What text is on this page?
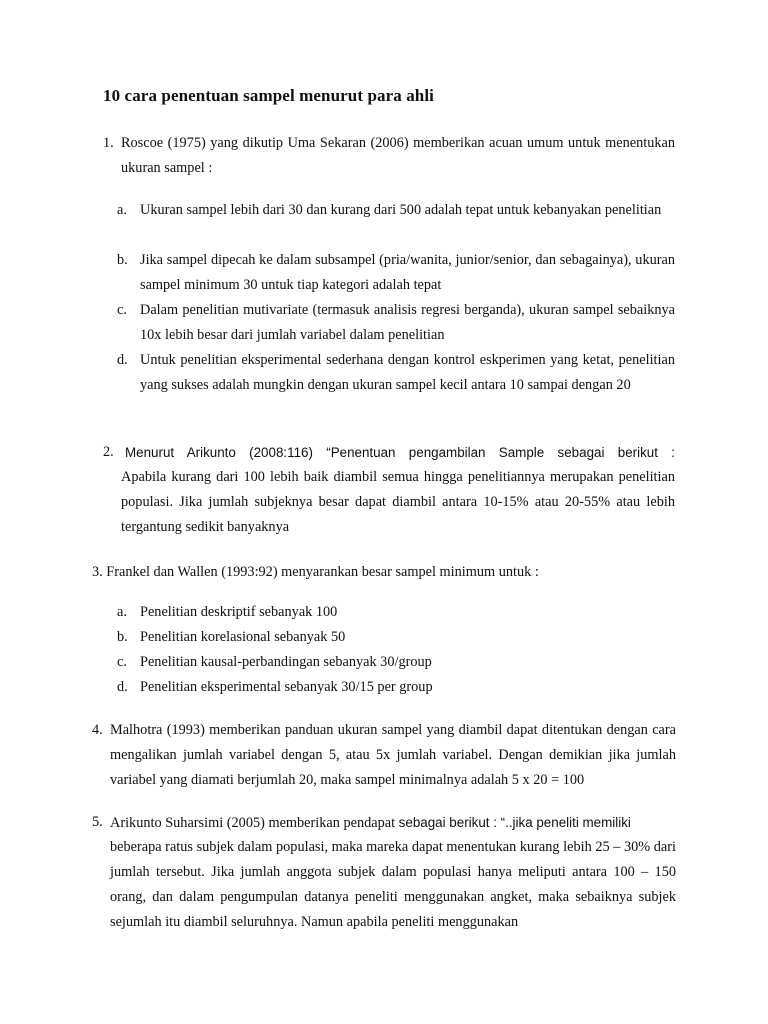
10 cara penentuan sampel menurut para ahli
1. Roscoe (1975) yang dikutip Uma Sekaran (2006) memberikan acuan umum untuk menentukan ukuran sampel :
a. Ukuran sampel lebih dari 30 dan kurang dari 500 adalah tepat untuk kebanyakan penelitian
b. Jika sampel dipecah ke dalam subsampel (pria/wanita, junior/senior, dan sebagainya), ukuran sampel minimum 30 untuk tiap kategori adalah tepat
c. Dalam penelitian mutivariate (termasuk analisis regresi berganda), ukuran sampel sebaiknya 10x lebih besar dari jumlah variabel dalam penelitian
d. Untuk penelitian eksperimental sederhana dengan kontrol eskperimen yang ketat, penelitian yang sukses adalah mungkin dengan ukuran sampel kecil antara 10 sampai dengan 20
2. Menurut Arikunto (2008:116) “Penentuan pengambilan Sample sebagai berikut :
Apabila kurang dari 100 lebih baik diambil semua hingga penelitiannya merupakan penelitian populasi. Jika jumlah subjeknya besar dapat diambil antara 10-15% atau 20-55% atau lebih tergantung sedikit banyaknya
3. Frankel dan Wallen (1993:92) menyarankan besar sampel minimum untuk :
a. Penelitian deskriptif sebanyak 100
b. Penelitian korelasional sebanyak 50
c. Penelitian kausal-perbandingan sebanyak 30/group
d. Penelitian eksperimental sebanyak 30/15 per group
4. Malhotra (1993) memberikan panduan ukuran sampel yang diambil dapat ditentukan dengan cara mengalikan jumlah variabel dengan 5, atau 5x jumlah variabel. Dengan demikian jika jumlah variabel yang diamati berjumlah 20, maka sampel minimalnya adalah 5 x 20 = 100
5. Arikunto Suharsimi (2005) memberikan pendapat sebagai berikut : “..jika peneliti memiliki
beberapa ratus subjek dalam populasi, maka mareka dapat menentukan kurang lebih 25 – 30% dari jumlah tersebut. Jika jumlah anggota subjek dalam populasi hanya meliputi antara 100 – 150 orang, dan dalam pengumpulan datanya peneliti menggunakan angket, maka sebaiknya subjek sejumlah itu diambil seluruhnya. Namun apabila peneliti menggunakan
